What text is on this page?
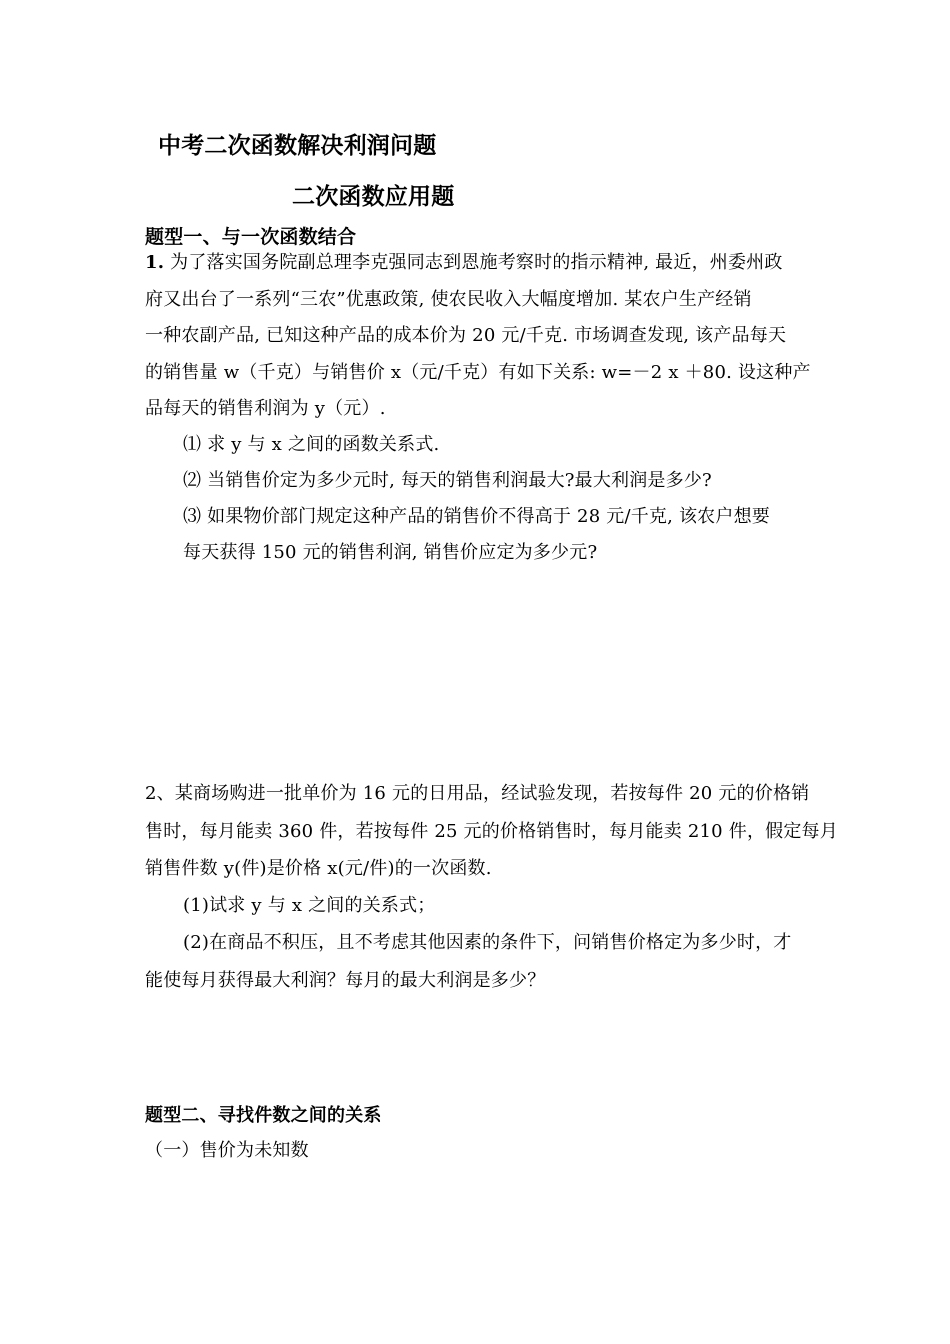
中考二次函数解决利润问题
二次函数应用题
题型一、与一次函数结合
1. 为了落实国务院副总理李克强同志到恩施考察时的指示精神, 最近，州委州政
府又出台了一系列“三农”优惠政策, 使农民收入大幅度增加. 某农户生产经销
一种农副产品, 已知这种产品的成本价为 20 元/千克. 市场调查发现, 该产品每天
的销售量 w（千克）与销售价 x（元/千克）有如下关系: w=－2 x ＋80. 设这种产
品每天的销售利润为 y（元）.
⑴ 求 y 与 x 之间的函数关系式.
⑵ 当销售价定为多少元时, 每天的销售利润最大?最大利润是多少?
⑶ 如果物价部门规定这种产品的销售价不得高于 28 元/千克, 该农户想要
每天获得 150 元的销售利润, 销售价应定为多少元?
2、某商场购进一批单价为 16 元的日用品，经试验发现，若按每件 20 元的价格销
售时，每月能卖 360 件，若按每件 25 元的价格销售时，每月能卖 210 件，假定每月
销售件数 y(件)是价格 x(元/件)的一次函数.
(1)试求 y 与 x 之间的关系式；
(2)在商品不积压，且不考虑其他因素的条件下，问销售价格定为多少时，才
能使每月获得最大利润？每月的最大利润是多少？
题型二、寻找件数之间的关系
（一）售价为未知数
